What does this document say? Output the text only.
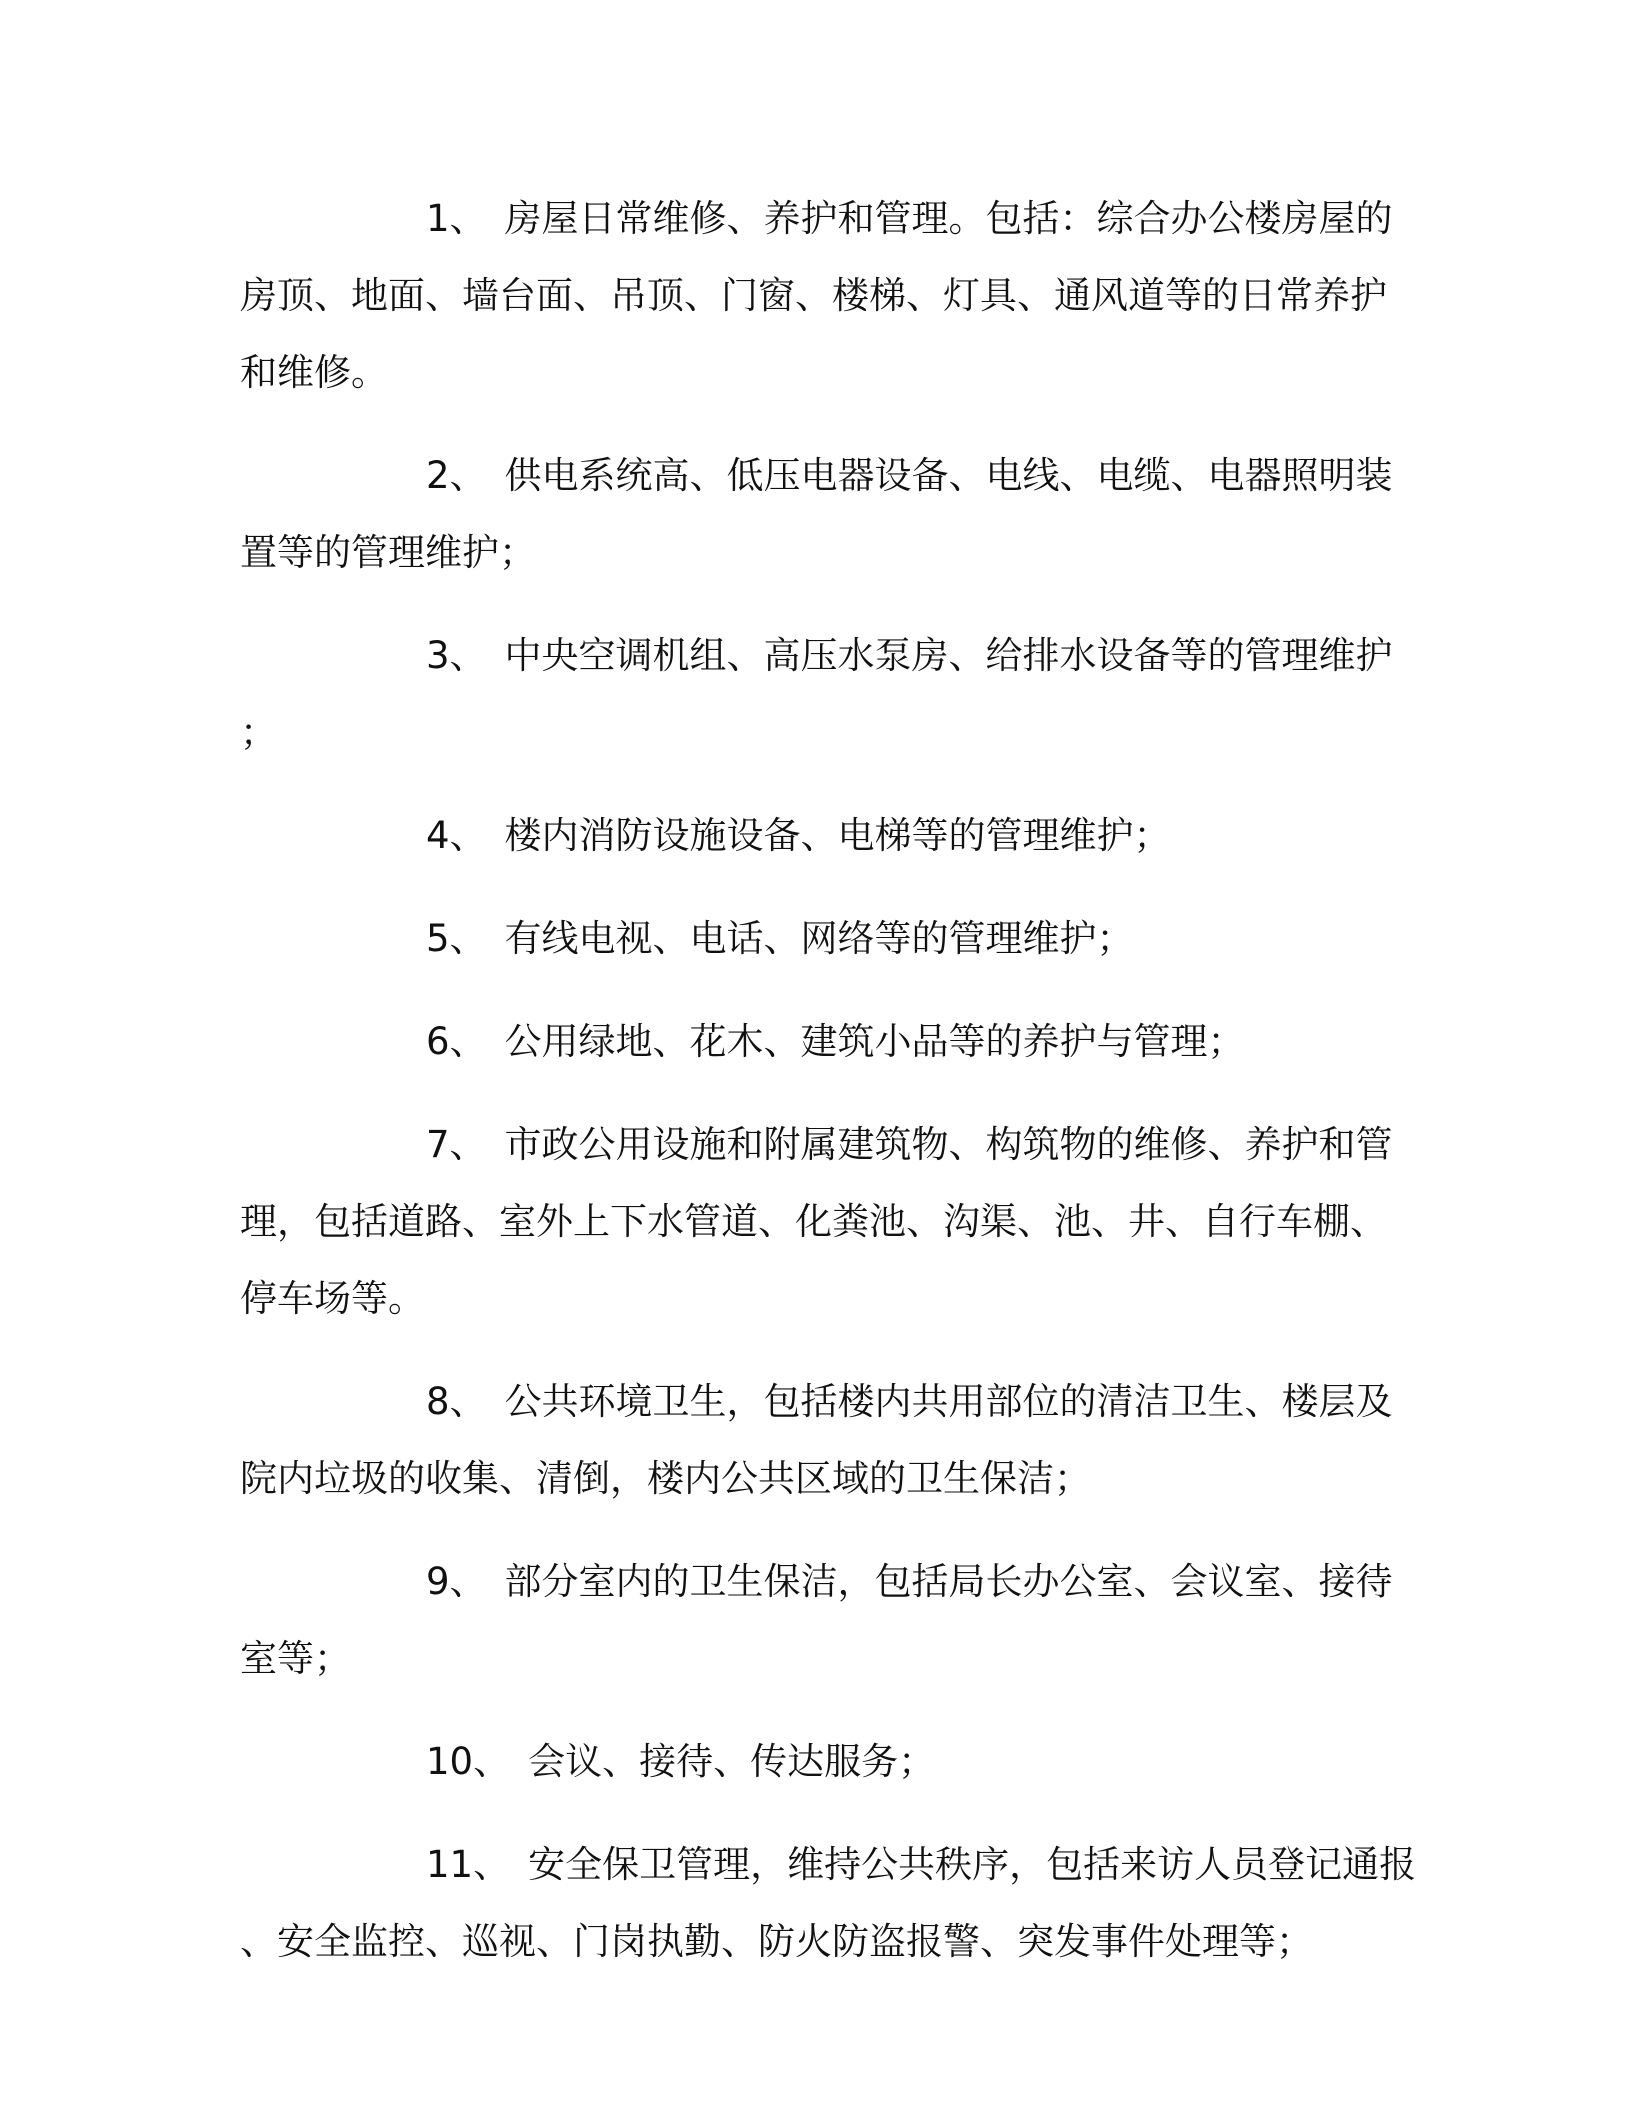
1、 房屋日常维修、养护和管理。包括：综合办公楼房屋的房顶、地面、墙台面、吊顶、门窗、楼梯、灯具、通风道等的日常养护和维修。

2、 供电系统高、低压电器设备、电线、电缆、电器照明装置等的管理维护；

3、 中央空调机组、高压水泵房、给排水设备等的管理维护；

4、 楼内消防设施设备、电梯等的管理维护；

5、 有线电视、电话、网络等的管理维护；

6、 公用绿地、花木、建筑小品等的养护与管理；

7、 市政公用设施和附属建筑物、构筑物的维修、养护和管理，包括道路、室外上下水管道、化粪池、沟渠、池、井、自行车棚、停车场等。

8、 公共环境卫生，包括楼内共用部位的清洁卫生、楼层及院内垃圾的收集、清倒，楼内公共区域的卫生保洁；

9、 部分室内的卫生保洁，包括局长办公室、会议室、接待室等；

10、 会议、接待、传达服务；

11、 安全保卫管理，维持公共秩序，包括来访人员登记通报、安全监控、巡视、门岗执勤、防火防盗报警、突发事件处理等；
